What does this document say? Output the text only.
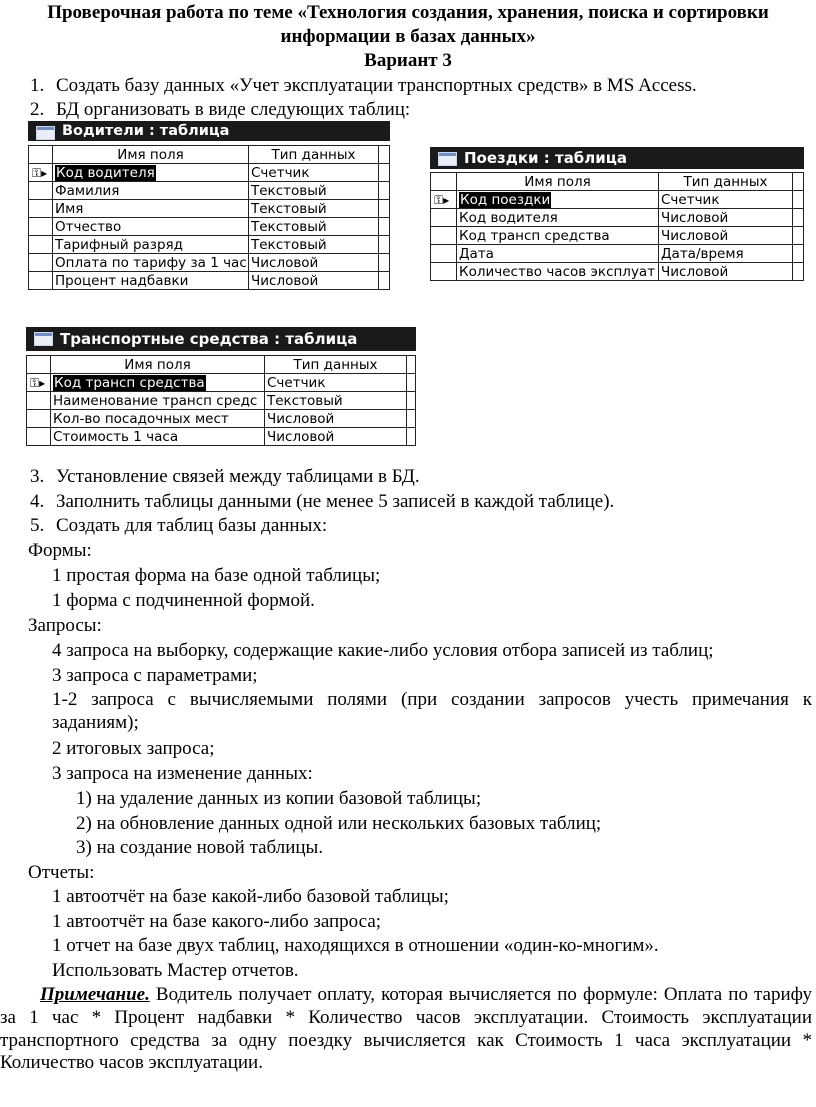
Проверочная работа по теме «Технология создания, хранения, поиска и сортировки
информации в базах данных»
Вариант 3
1. Создать базу данных «Учет эксплуатации транспортных средств» в MS Access.
2. БД организовать в виде следующих таблиц:
Водители : таблица
	Имя поля	Тип данных	

⚿▸	Код водителя	Счетчик	
	Фамилия	Текстовый	
	Имя	Текстовый	
	Отчество	Текстовый	
	Тарифный разряд	Текстовый	
	Оплата по тарифу за 1 час	Числовой	
	Процент надбавки	Числовой	
Поездки : таблица
	Имя поля	Тип данных	

⚿▸	Код поездки	Счетчик	
	Код водителя	Числовой	
	Код трансп средства	Числовой	
	Дата	Дата/время	
	Количество часов эксплуат	Числовой	
Транспортные средства : таблица
	Имя поля	Тип данных	

⚿▸	Код трансп средства	Счетчик	
	Наименование трансп средс	Текстовый	
	Кол-во посадочных мест	Числовой	
	Стоимость 1 часа	Числовой	
3. Установление связей между таблицами в БД.
4. Заполнить таблицы данными (не менее 5 записей в каждой таблице).
5. Создать для таблиц базы данных:
Формы:
1 простая форма на базе одной таблицы;
1 форма с подчиненной формой.
Запросы:
4 запроса на выборку, содержащие какие-либо условия отбора записей из таблиц;
3 запроса с параметрами;
1-2 запроса с вычисляемыми полями (при создании запросов учесть примечания к заданиям);
2 итоговых запроса;
3 запроса на изменение данных:
1) на удаление данных из копии базовой таблицы;
2) на обновление данных одной или нескольких базовых таблиц;
3) на создание новой таблицы.
Отчеты:
1 автоотчёт на базе какой-либо базовой таблицы;
1 автоотчёт на базе какого-либо запроса;
1 отчет на базе двух таблиц, находящихся в отношении «один-ко-многим».
Использовать Мастер отчетов.
Примечание. Водитель получает оплату, которая вычисляется по формуле: Оплата по тарифу за 1 час * Процент надбавки * Количество часов эксплуатации. Стоимость эксплуатации транспортного средства за одну поездку вычисляется как Стоимость 1 часа эксплуатации * Количество часов эксплуатации.
